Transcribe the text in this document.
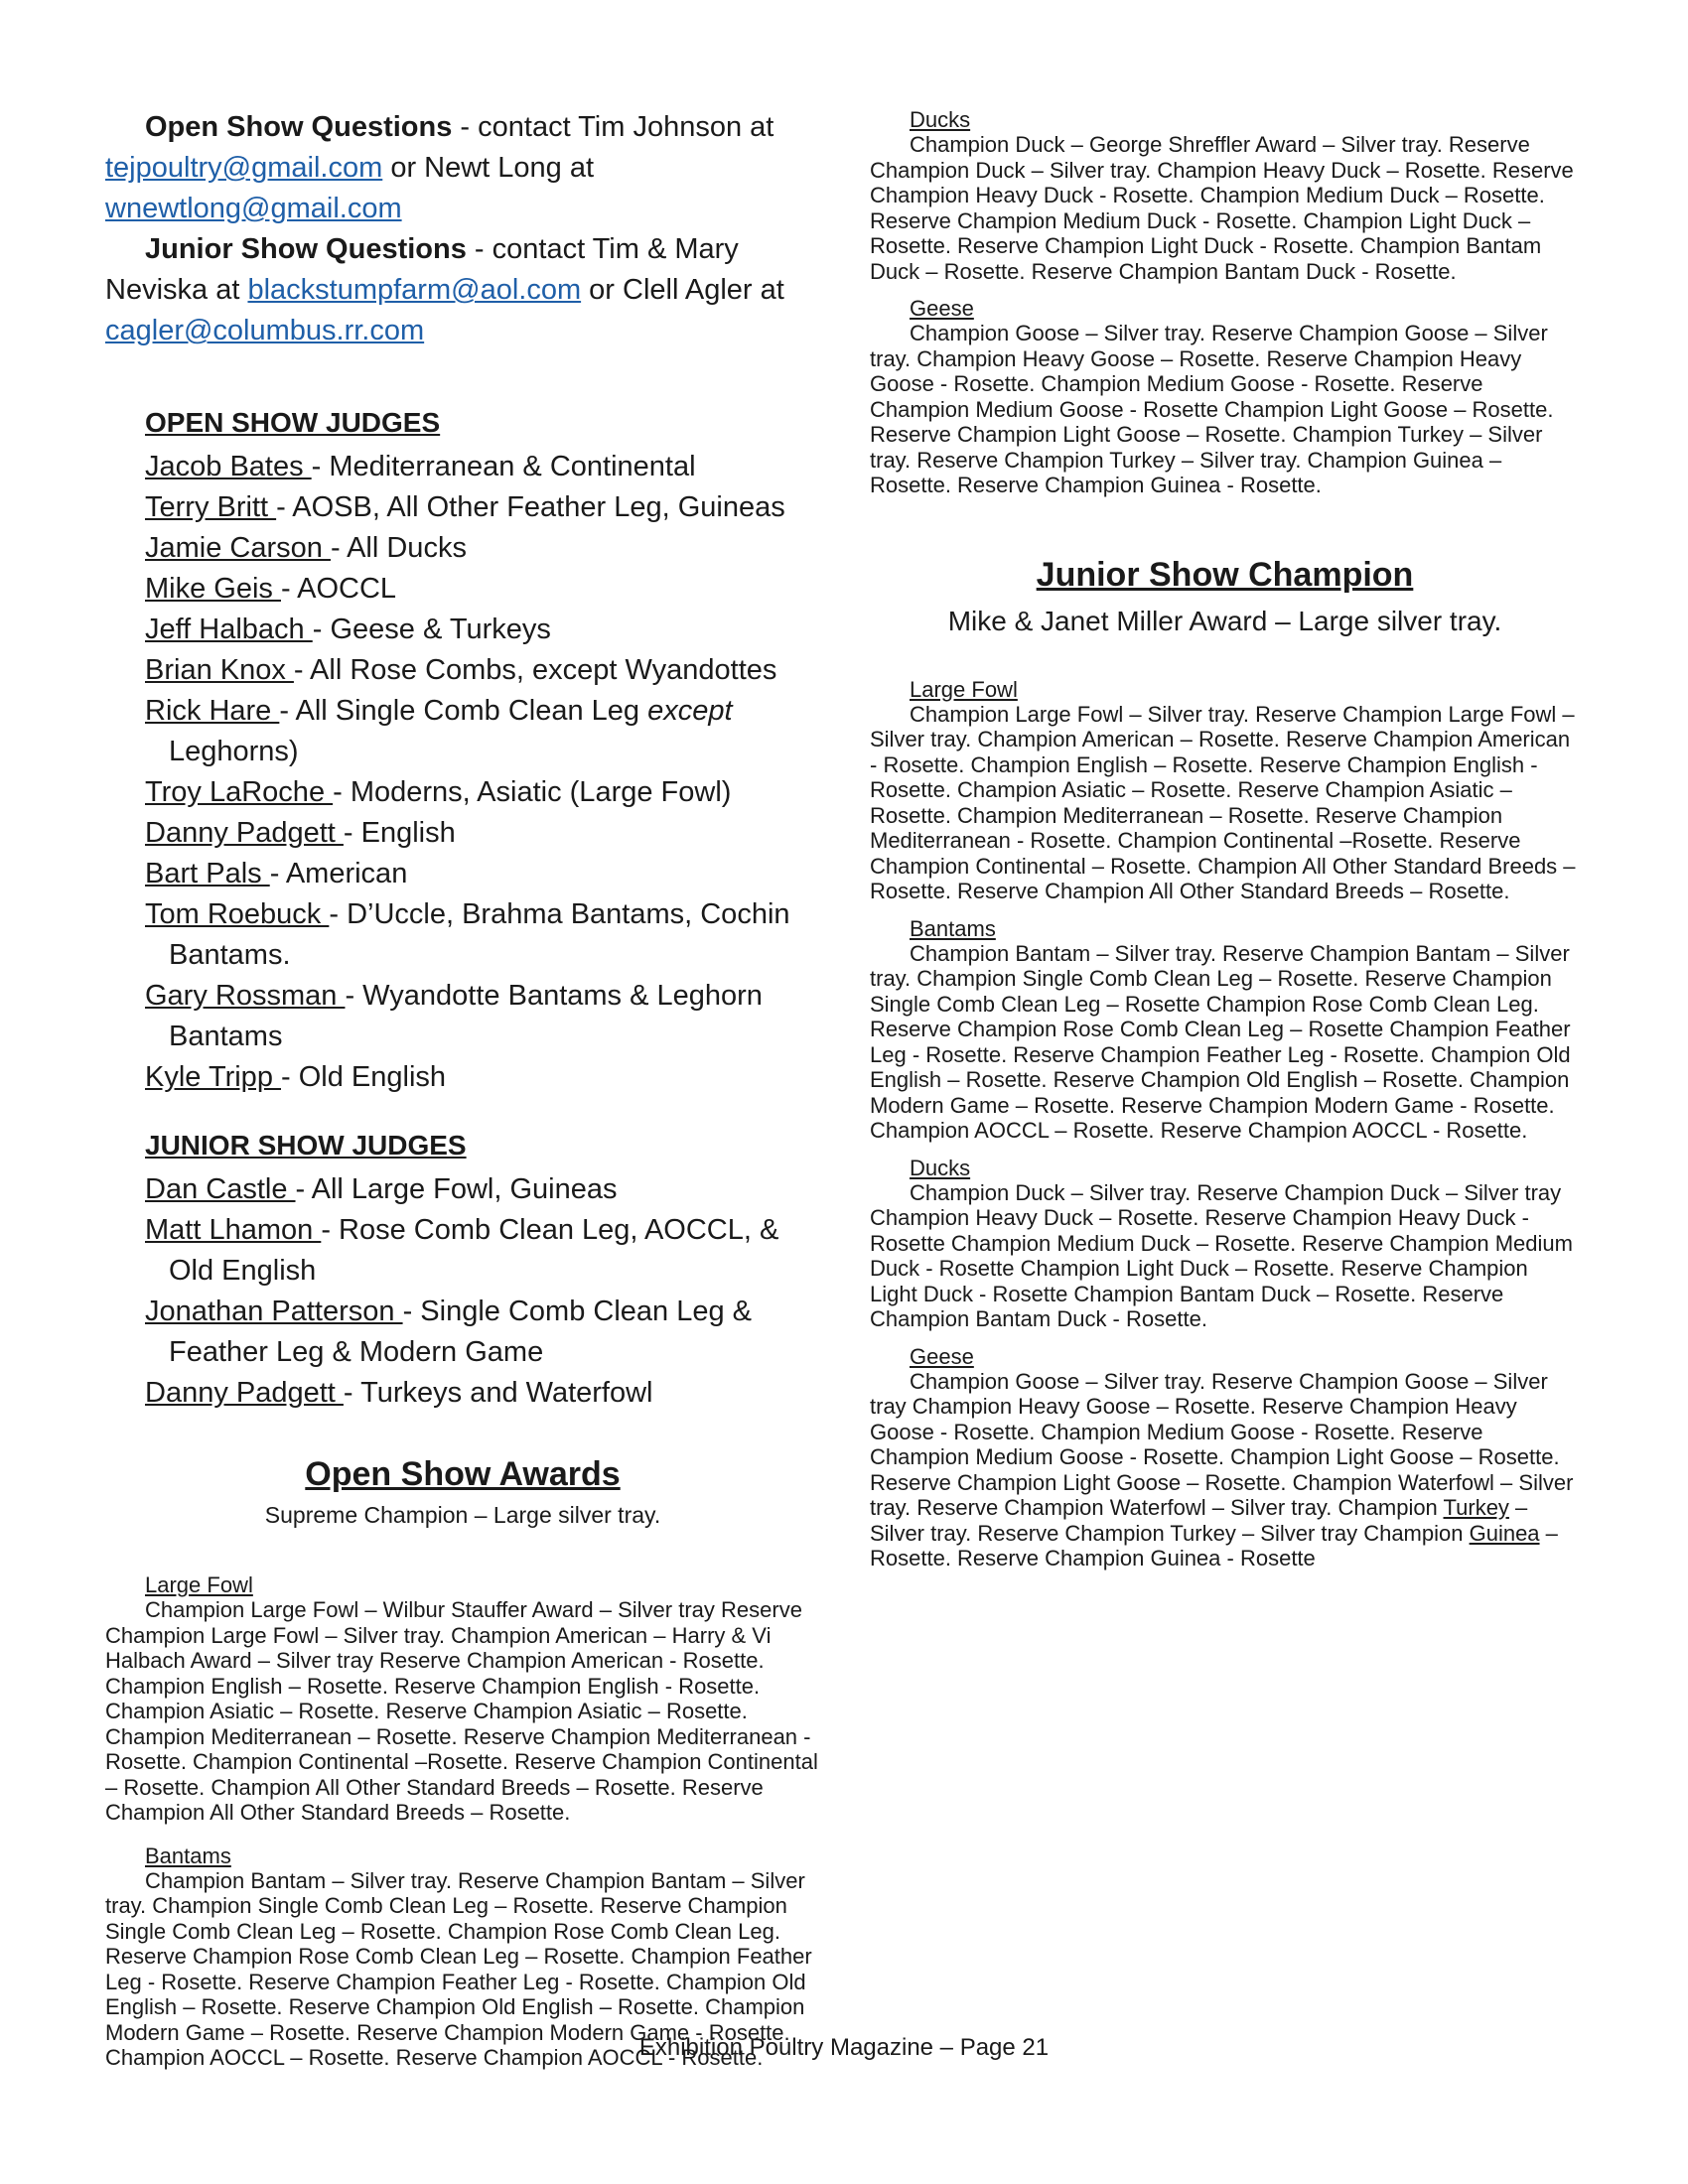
Open Show Questions - contact Tim Johnson at tejpoultry@gmail.com or Newt Long at wnewtlong@gmail.com

Junior Show Questions - contact Tim & Mary Neviska at blackstumpfarm@aol.com or Clell Agler at cagler@columbus.rr.com

OPEN SHOW JUDGES

Jacob Bates - Mediterranean & Continental

Terry Britt - AOSB, All Other Feather Leg, Guineas

Jamie Carson - All Ducks

Mike Geis - AOCCL

Jeff Halbach - Geese & Turkeys

Brian Knox - All Rose Combs, except Wyandottes

Rick Hare - All Single Comb Clean Leg except Leghorns)

Troy LaRoche - Moderns, Asiatic (Large Fowl)

Danny Padgett - English

Bart Pals - American

Tom Roebuck - D’Uccle, Brahma Bantams, Cochin Bantams.

Gary Rossman - Wyandotte Bantams & Leghorn Bantams

Kyle Tripp - Old English

JUNIOR SHOW JUDGES

Dan Castle - All Large Fowl, Guineas

Matt Lhamon - Rose Comb Clean Leg, AOCCL, & Old English

Jonathan Patterson - Single Comb Clean Leg & Feather Leg & Modern Game

Danny Padgett - Turkeys and Waterfowl

Open Show Awards

Supreme Champion – Large silver tray.

Large Fowl

Champion Large Fowl – Wilbur Stauffer Award – Silver tray Reserve Champion Large Fowl – Silver tray. Champion American – Harry & Vi Halbach Award – Silver tray Reserve Champion American - Rosette. Champion English – Rosette. Reserve Champion English - Rosette. Champion Asiatic – Rosette. Reserve Champion Asiatic – Rosette. Champion Mediterranean – Rosette. Reserve Champion Mediterranean - Rosette. Champion Continental –Rosette. Reserve Champion Continental – Rosette. Champion All Other Standard Breeds – Rosette. Reserve Champion All Other Standard Breeds – Rosette.

Bantams

Champion Bantam – Silver tray. Reserve Champion Bantam – Silver tray. Champion Single Comb Clean Leg – Rosette. Reserve Champion Single Comb Clean Leg – Rosette. Champion Rose Comb Clean Leg. Reserve Champion Rose Comb Clean Leg – Rosette. Champion Feather Leg - Rosette. Reserve Champion Feather Leg - Rosette. Champion Old English – Rosette. Reserve Champion Old English – Rosette. Champion Modern Game – Rosette. Reserve Champion Modern Game - Rosette. Champion AOCCL – Rosette. Reserve Champion AOCCL - Rosette.

Ducks

Champion Duck – George Shreffler Award – Silver tray. Reserve Champion Duck – Silver tray. Champion Heavy Duck – Rosette. Reserve Champion Heavy Duck - Rosette. Champion Medium Duck – Rosette. Reserve Champion Medium Duck - Rosette. Champion Light Duck – Rosette. Reserve Champion Light Duck - Rosette. Champion Bantam Duck – Rosette. Reserve Champion Bantam Duck - Rosette.

Geese

Champion Goose – Silver tray. Reserve Champion Goose – Silver tray. Champion Heavy Goose – Rosette. Reserve Champion Heavy Goose - Rosette. Champion Medium Goose - Rosette. Reserve Champion Medium Goose - Rosette Champion Light Goose – Rosette. Reserve Champion Light Goose – Rosette. Champion Turkey – Silver tray. Reserve Champion Turkey – Silver tray. Champion Guinea – Rosette. Reserve Champion Guinea - Rosette.

Junior Show Champion

Mike & Janet Miller Award – Large silver tray.

Large Fowl

Champion Large Fowl – Silver tray. Reserve Champion Large Fowl – Silver tray. Champion American – Rosette. Reserve Champion American - Rosette. Champion English – Rosette. Reserve Champion English - Rosette. Champion Asiatic – Rosette. Reserve Champion Asiatic – Rosette. Champion Mediterranean – Rosette. Reserve Champion Mediterranean - Rosette. Champion Continental –Rosette. Reserve Champion Continental – Rosette. Champion All Other Standard Breeds – Rosette. Reserve Champion All Other Standard Breeds – Rosette.

Bantams

Champion Bantam – Silver tray. Reserve Champion Bantam – Silver tray. Champion Single Comb Clean Leg – Rosette. Reserve Champion Single Comb Clean Leg – Rosette Champion Rose Comb Clean Leg. Reserve Champion Rose Comb Clean Leg – Rosette Champion Feather Leg - Rosette. Reserve Champion Feather Leg - Rosette. Champion Old English – Rosette. Reserve Champion Old English – Rosette. Champion Modern Game – Rosette. Reserve Champion Modern Game - Rosette. Champion AOCCL – Rosette. Reserve Champion AOCCL - Rosette.

Ducks

Champion Duck – Silver tray. Reserve Champion Duck – Silver tray Champion Heavy Duck – Rosette. Reserve Champion Heavy Duck - Rosette Champion Medium Duck – Rosette. Reserve Champion Medium Duck - Rosette Champion Light Duck – Rosette. Reserve Champion Light Duck - Rosette Champion Bantam Duck – Rosette. Reserve Champion Bantam Duck - Rosette.

Geese

Champion Goose – Silver tray. Reserve Champion Goose – Silver tray Champion Heavy Goose – Rosette. Reserve Champion Heavy Goose - Rosette. Champion Medium Goose - Rosette. Reserve Champion Medium Goose - Rosette. Champion Light Goose – Rosette. Reserve Champion Light Goose – Rosette. Champion Waterfowl – Silver tray. Reserve Champion Waterfowl – Silver tray. Champion Turkey – Silver tray. Reserve Champion Turkey – Silver tray Champion Guinea – Rosette. Reserve Champion Guinea - Rosette

Exhibition Poultry Magazine – Page 21
